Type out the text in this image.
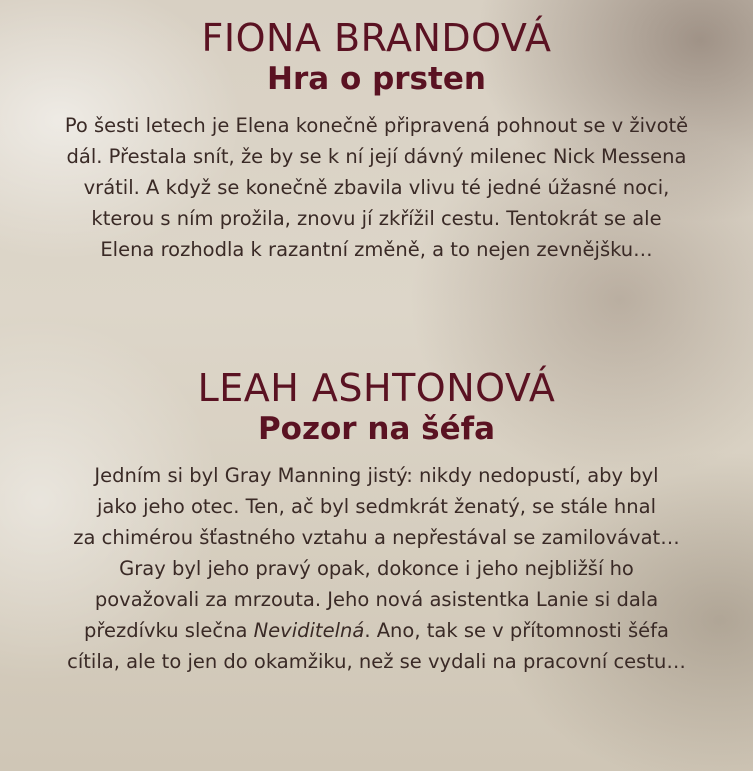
FIONA BRANDOVÁ
Hra o prsten

Po šesti letech je Elena konečně připravená pohnout se v životě
dál. Přestala snít, že by se k ní její dávný milenec Nick Messena
vrátil. A když se konečně zbavila vlivu té jedné úžasné noci,
kterou s ním prožila, znovu jí zkřížil cestu. Tentokrát se ale
Elena rozhodla k razantní změně, a to nejen zevnějšku…

LEAH ASHTONOVÁ
Pozor na šéfa

Jedním si byl Gray Manning jistý: nikdy nedopustí, aby byl
jako jeho otec. Ten, ač byl sedmkrát ženatý, se stále hnal
za chimérou šťastného vztahu a nepřestával se zamilovávat…
Gray byl jeho pravý opak, dokonce i jeho nejbližší ho
považovali za mrzouta. Jeho nová asistentka Lanie si dala
přezdívku slečna Neviditelná. Ano, tak se v přítomnosti šéfa
cítila, ale to jen do okamžiku, než se vydali na pracovní cestu…
